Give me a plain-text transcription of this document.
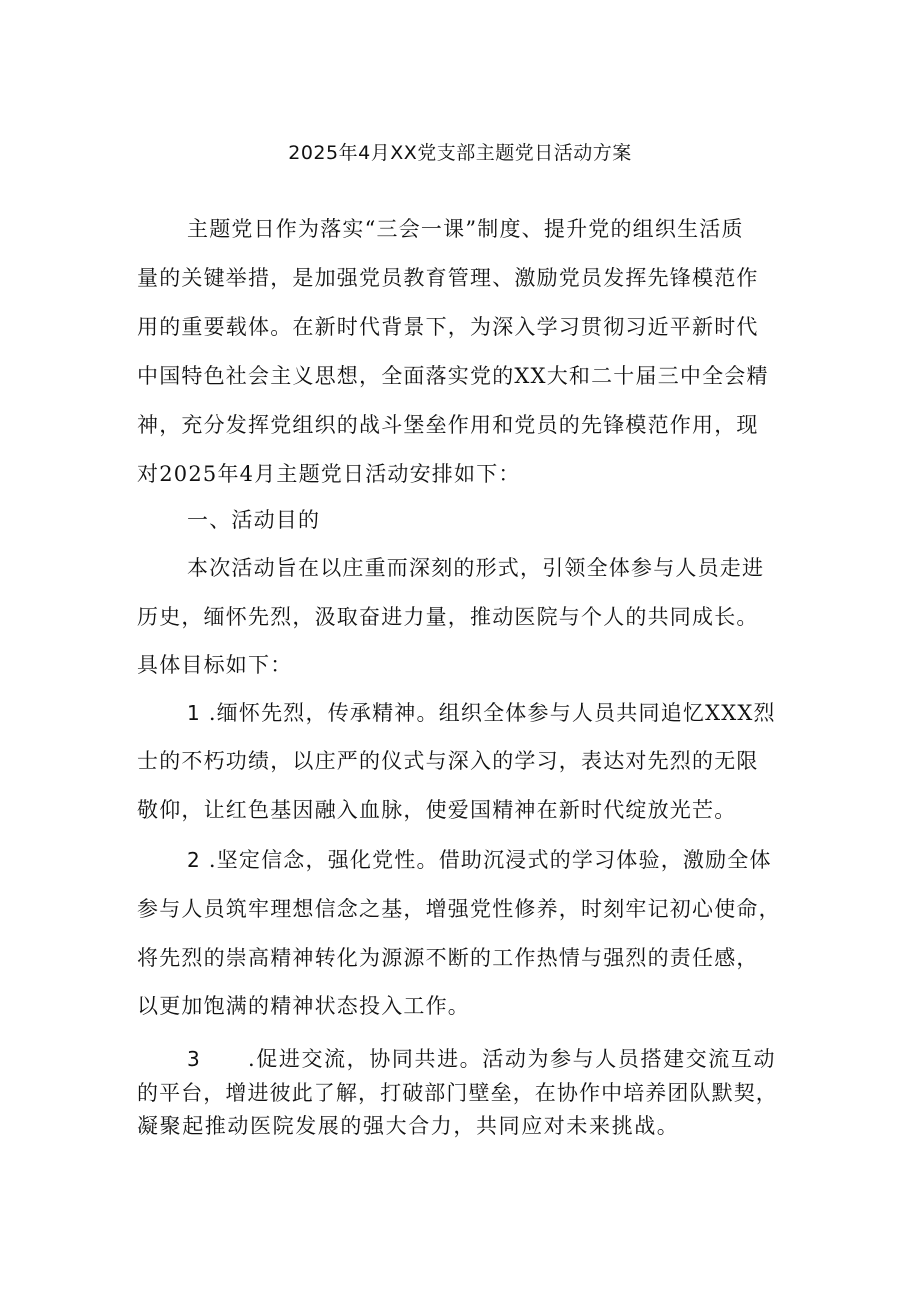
2025年4月XX党支部主题党日活动方案
主题党日作为落实“三会一课”制度、提升党的组织生活质
量的关键举措，是加强党员教育管理、激励党员发挥先锋模范作
用的重要载体。在新时代背景下，为深入学习贯彻习近平新时代
中国特色社会主义思想，全面落实党的XX大和二十届三中全会精
神，充分发挥党组织的战斗堡垒作用和党员的先锋模范作用，现
对2025年4月主题党日活动安排如下：
一、活动目的
本次活动旨在以庄重而深刻的形式，引领全体参与人员走进
历史，缅怀先烈，汲取奋进力量，推动医院与个人的共同成长。
具体目标如下：
1 .缅怀先烈，传承精神。组织全体参与人员共同追忆XXX烈
士的不朽功绩，以庄严的仪式与深入的学习，表达对先烈的无限
敬仰，让红色基因融入血脉，使爱国精神在新时代绽放光芒。
2 .坚定信念，强化党性。借助沉浸式的学习体验，激励全体
参与人员筑牢理想信念之基，增强党性修养，时刻牢记初心使命，
将先烈的崇高精神转化为源源不断的工作热情与强烈的责任感，
以更加饱满的精神状态投入工作。
3 .促进交流，协同共进。活动为参与人员搭建交流互动
的平台，增进彼此了解，打破部门壁垒，在协作中培养团队默契，
凝聚起推动医院发展的强大合力，共同应对未来挑战。
